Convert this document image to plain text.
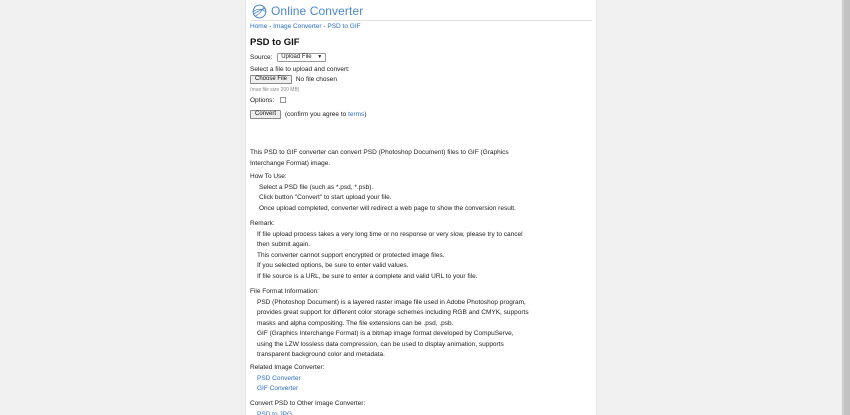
Online Converter
Home - Image Converter - PSD to GIF
PSD to GIF
Source: Upload File ▼
Select a file to upload and convert:
Choose File No file chosen
(max file size 200 MB)
Options:
Convert (confirm you agree to terms)
This PSD to GIF converter can convert PSD (Photoshop Document) files to GIF (Graphics Interchange Format) image.
How To Use:
Select a PSD file (such as *.psd, *.psb).
Click button "Convert" to start upload your file.
Once upload completed, converter will redirect a web page to show the conversion result.
Remark:
If file upload process takes a very long time or no response or very slow, please try to cancel then submit again.
This converter cannot support encrypted or protected image files.
If you selected options, be sure to enter valid values.
If file source is a URL, be sure to enter a complete and valid URL to your file.
File Format Information:
PSD (Photoshop Document) is a layered raster image file used in Adobe Photoshop program, provides great support for different color storage schemes including RGB and CMYK, supports masks and alpha compositing. The file extensions can be .psd, .psb.
GIF (Graphics Interchange Format) is a bitmap image format developed by CompuServe, using the LZW lossless data compression, can be used to display animation, supports transparent background color and metadata.
Related Image Converter:
PSD Converter
GIF Converter
Convert PSD to Other Image Converter:
PSD to JPG
